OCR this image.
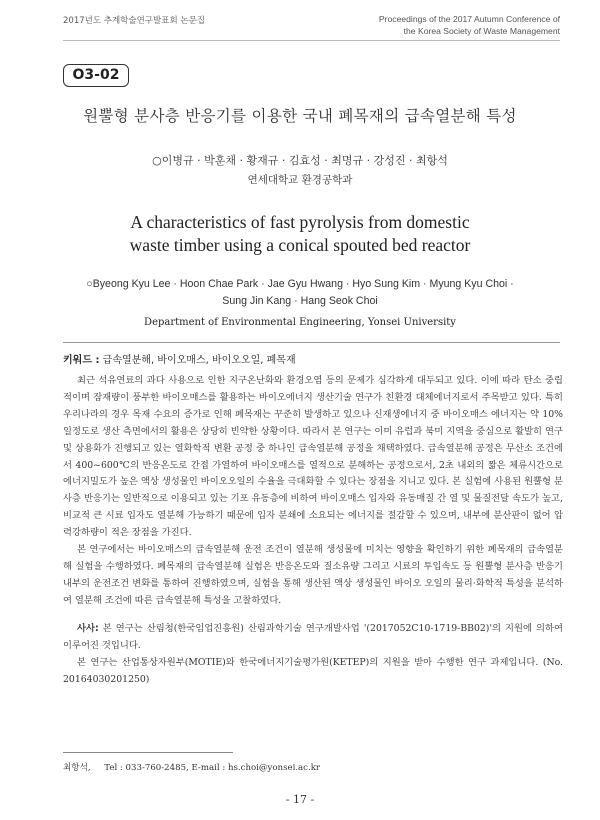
2017년도 추계학술연구발표회 논문집	Proceedings of the 2017 Autumn Conference of
the Korea Society of Waste Management
O3-02
원뿔형 분사층 반응기를 이용한 국내 폐목재의 급속열분해 특성
○이병규 · 박훈채 · 황재규 · 김효성 · 최명규 · 강성진 · 최항석
연세대학교 환경공학과
A characteristics of fast pyrolysis from domestic
waste timber using a conical spouted bed reactor
○Byeong Kyu Lee · Hoon Chae Park · Jae Gyu Hwang · Hyo Sung Kim · Myung Kyu Choi ·
Sung Jin Kang · Hang Seok Choi
Department of Environmental Engineering, Yonsei University
키워드 : 급속열분해, 바이오매스, 바이오오일, 폐목재

최근 석유연료의 과다 사용으로 인한 지구온난화와 환경오염 등의 문제가 심각하게 대두되고 있다. 이에 따라 탄소 중립적이며 잠재량이 풍부한 바이오매스를 활용하는 바이오에너지 생산기술 연구가 친환경 대체에너지로서 주목받고 있다. 특히 우리나라의 경우 목재 수요의 증가로 인해 폐목재는 꾸준히 발생하고 있으나 신재생에너지 중 바이오매스 에너지는 약 10%일정도로 생산 측면에서의 활용은 상당히 빈약한 상황이다. 따라서 본 연구는 이미 유럽과 북미 지역을 중심으로 활발히 연구 및 상용화가 진행되고 있는 열화학적 변환 공정 중 하나인 급속열분해 공정을 채택하였다. 급속열분해 공정은 무산소 조건에서 400~600℃의 반응온도로 간접 가열하여 바이오매스를 열적으로 분해하는 공정으로서, 2초 내외의 짧은 체류시간으로 에너지밀도가 높은 액상 생성물인 바이오오일의 수율을 극대화할 수 있다는 장점을 지니고 있다. 본 실험에 사용된 원뿔형 분사층 반응기는 일반적으로 이용되고 있는 기포 유동층에 비하여 바이오매스 입자와 유동매질 간 열 및 물질전달 속도가 높고, 비교적 큰 시료 입자도 열분해 가능하기 때문에 입자 분쇄에 소요되는 에너지를 절감할 수 있으며, 내부에 분산판이 없어 압력강하량이 적은 장점을 가진다.

본 연구에서는 바이오매스의 급속열분해 운전 조건이 열분해 생성물에 미치는 영향을 확인하기 위한 폐목재의 급속열분해 실험을 수행하였다. 폐목재의 급속열분해 실험은 반응온도와 질소유량 그리고 시료의 투입속도 등 원뿔형 분사층 반응기 내부의 운전조건 변화를 통하여 진행하였으며, 실험을 통해 생산된 액상 생성물인 바이오 오일의 물리·화학적 특성을 분석하여 열분해 조건에 따른 급속열분해 특성을 고찰하였다.

사사: 본 연구는 산림청(한국임업진흥원) 산림과학기술 연구개발사업 '(2017052C10-1719-BB02)'의 지원에 의하여 이루어진 것입니다.

본 연구는 산업통상자원부(MOTIE)와 한국에너지기술평가원(KETEP)의 지원을 받아 수행한 연구 과제입니다. (No. 20164030201250)

최항석,     Tel : 033-760-2485, E-mail : hs.choi@yonsei.ac.kr
- 17 -
